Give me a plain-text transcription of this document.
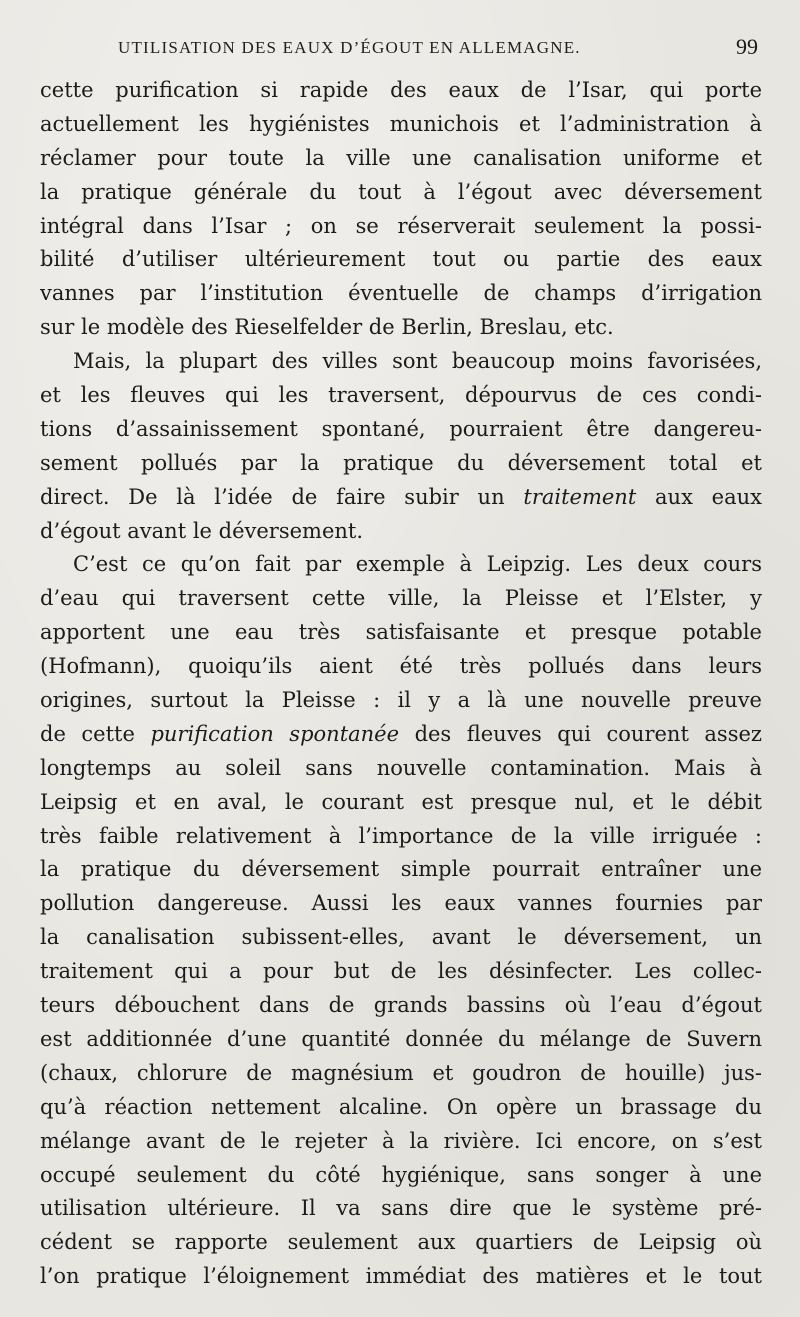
UTILISATION DES EAUX D’ÉGOUT EN ALLEMAGNE.	99
cette purification si rapide des eaux de l’Isar, qui porte
actuellement les hygiénistes munichois et l’administration à
réclamer pour toute la ville une canalisation uniforme et
la pratique générale du tout à l’égout avec déversement
intégral dans l’Isar ; on se réserverait seulement la possi-
bilité d’utiliser ultérieurement tout ou partie des eaux
vannes par l’institution éventuelle de champs d’irrigation
sur le modèle des Rieselfelder de Berlin, Breslau, etc.
Mais, la plupart des villes sont beaucoup moins favorisées,
et les fleuves qui les traversent, dépourvus de ces condi-
tions d’assainissement spontané, pourraient être dangereu-
sement pollués par la pratique du déversement total et
direct. De là l’idée de faire subir un traitement aux eaux
d’égout avant le déversement.
C’est ce qu’on fait par exemple à Leipzig. Les deux cours
d’eau qui traversent cette ville, la Pleisse et l’Elster, y
apportent une eau très satisfaisante et presque potable
(Hofmann), quoiqu’ils aient été très pollués dans leurs
origines, surtout la Pleisse : il y a là une nouvelle preuve
de cette purification spontanée des fleuves qui courent assez
longtemps au soleil sans nouvelle contamination. Mais à
Leipsig et en aval, le courant est presque nul, et le débit
très faible relativement à l’importance de la ville irriguée :
la pratique du déversement simple pourrait entraîner une
pollution dangereuse. Aussi les eaux vannes fournies par
la canalisation subissent-elles, avant le déversement, un
traitement qui a pour but de les désinfecter. Les collec-
teurs débouchent dans de grands bassins où l’eau d’égout
est additionnée d’une quantité donnée du mélange de Suvern
(chaux, chlorure de magnésium et goudron de houille) jus-
qu’à réaction nettement alcaline. On opère un brassage du
mélange avant de le rejeter à la rivière. Ici encore, on s’est
occupé seulement du côté hygiénique, sans songer à une
utilisation ultérieure. Il va sans dire que le système pré-
cédent se rapporte seulement aux quartiers de Leipsig où
l’on pratique l’éloignement immédiat des matières et le tout
